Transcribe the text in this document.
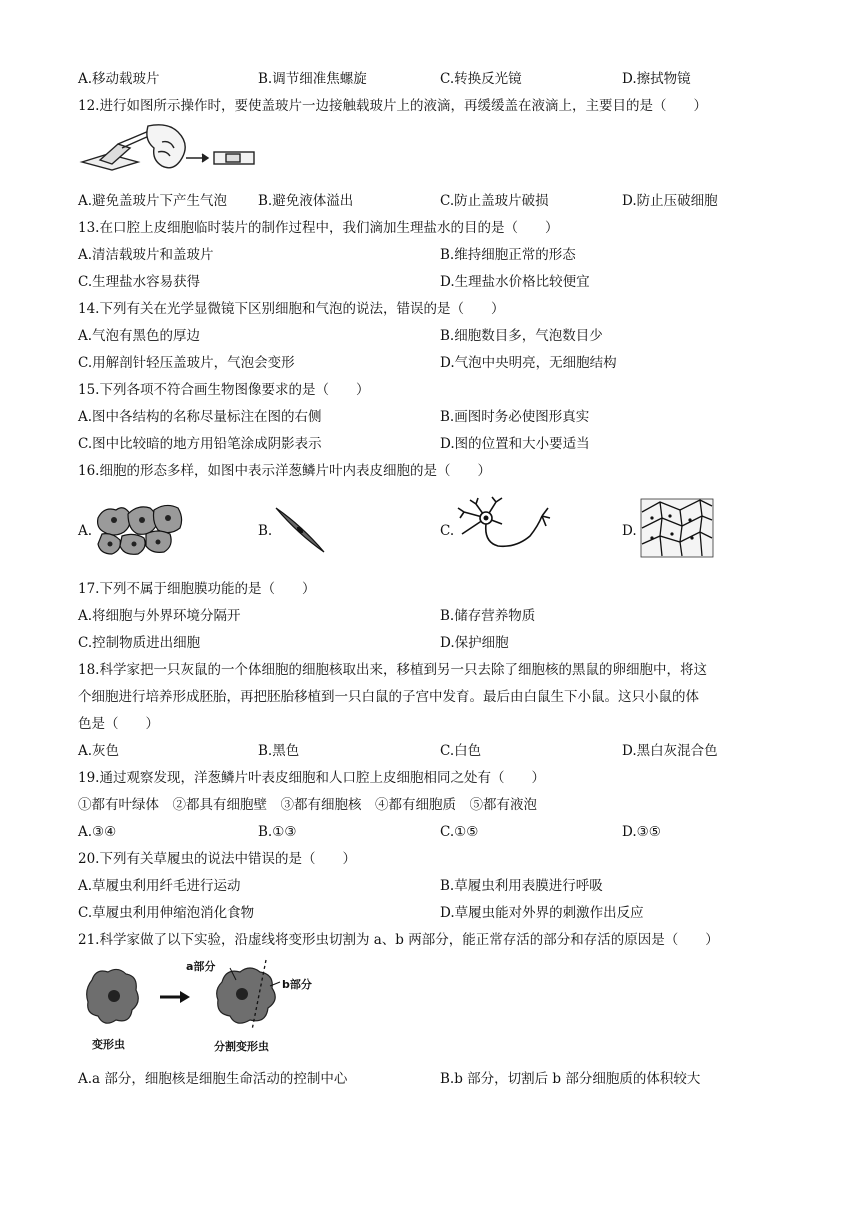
A.移动载玻片	B.调节细准焦螺旋	C.转换反光镜	D.擦拭物镜
12.进行如图所示操作时，要使盖玻片一边接触载玻片上的液滴，再缓缓盖在液滴上，主要目的是（　　）
A.避免盖玻片下产生气泡 B.避免液体溢出	C.防止盖玻片破损	D.防止压破细胞
13.在口腔上皮细胞临时装片的制作过程中，我们滴加生理盐水的目的是（　　）
A.清洁载玻片和盖玻片	B.维持细胞正常的形态
C.生理盐水容易获得	D.生理盐水价格比较便宜
14.下列有关在光学显微镜下区别细胞和气泡的说法，错误的是（　　）
A.气泡有黑色的厚边	B.细胞数目多，气泡数目少
C.用解剖针轻压盖玻片，气泡会变形	D.气泡中央明亮，无细胞结构
15.下列各项不符合画生物图像要求的是（　　）
A.图中各结构的名称尽量标注在图的右侧	B.画图时务必使图形真实
C.图中比较暗的地方用铅笔涂成阴影表示	D.图的位置和大小要适当
16.细胞的形态多样，如图中表示洋葱鳞片叶内表皮细胞的是（　　）
A.	B.	C.	D.
17.下列不属于细胞膜功能的是（　　）
A.将细胞与外界环境分隔开	B.储存营养物质
C.控制物质进出细胞	D.保护细胞
18.科学家把一只灰鼠的一个体细胞的细胞核取出来，移植到另一只去除了细胞核的黑鼠的卵细胞中，将这
个细胞进行培养形成胚胎，再把胚胎移植到一只白鼠的子宫中发育。最后由白鼠生下小鼠。这只小鼠的体
色是（　　）
A.灰色	B.黑色	C.白色	D.黑白灰混合色
19.通过观察发现，洋葱鳞片叶表皮细胞和人口腔上皮细胞相同之处有（　　）
①都有叶绿体　②都具有细胞壁　③都有细胞核　④都有细胞质　⑤都有液泡
A.③④	B.①③	C.①⑤	D.③⑤
20.下列有关草履虫的说法中错误的是（　　）
A.草履虫利用纤毛进行运动	B.草履虫利用表膜进行呼吸
C.草履虫利用伸缩泡消化食物	D.草履虫能对外界的刺激作出反应
21.科学家做了以下实验，沿虚线将变形虫切割为 a、b 两部分，能正常存活的部分和存活的原因是（　　）
变形虫
a部分
b部分
分割变形虫
A.a 部分，细胞核是细胞生命活动的控制中心	B.b 部分，切割后 b 部分细胞质的体积较大
